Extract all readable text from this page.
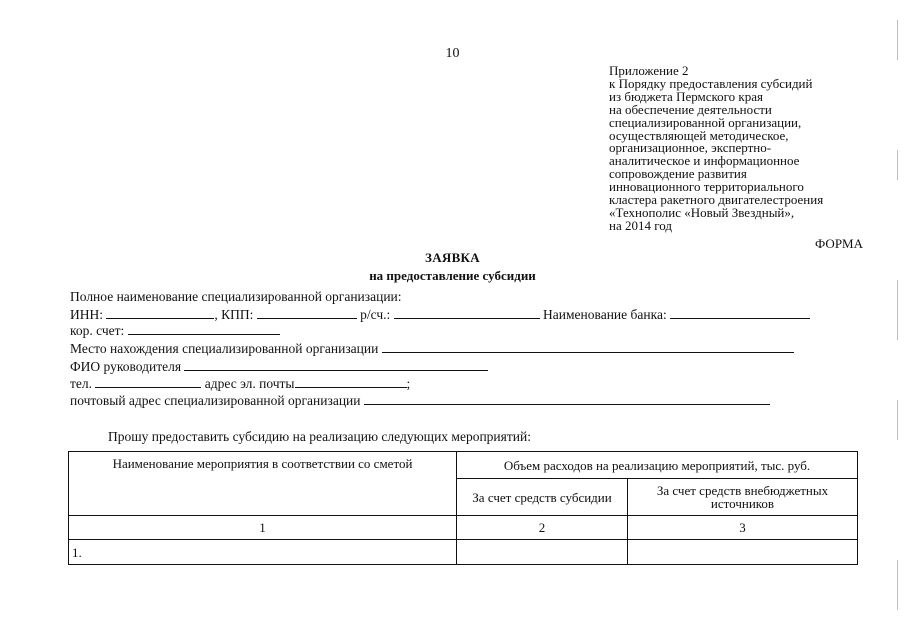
10
Приложение 2
к Порядку предоставления субсидий
из бюджета Пермского края
на обеспечение деятельности
специализированной организации,
осуществляющей методическое,
организационное, экспертно-
аналитическое и информационное
сопровождение развития
инновационного территориального
кластера ракетного двигателестроения
«Технополис «Новый Звездный»,
на 2014 год
ФОРМА
ЗАЯВКА
на предоставление субсидии
Полное наименование специализированной организации:
ИНН:	, КПП:	р/сч.:	Наименование банка:
кор. счет:
Место нахождения специализированной организации
ФИО руководителя
тел.	адрес эл. почты	;
почтовый адрес специализированной организации
Прошу предоставить субсидию на реализацию следующих мероприятий:
Наименование мероприятия в соответствии со сметой	Объем расходов на реализацию мероприятий, тыс. руб.	
	За счет средств субсидии	За счет средств внебюджетных источников
1	2	3
1.		
